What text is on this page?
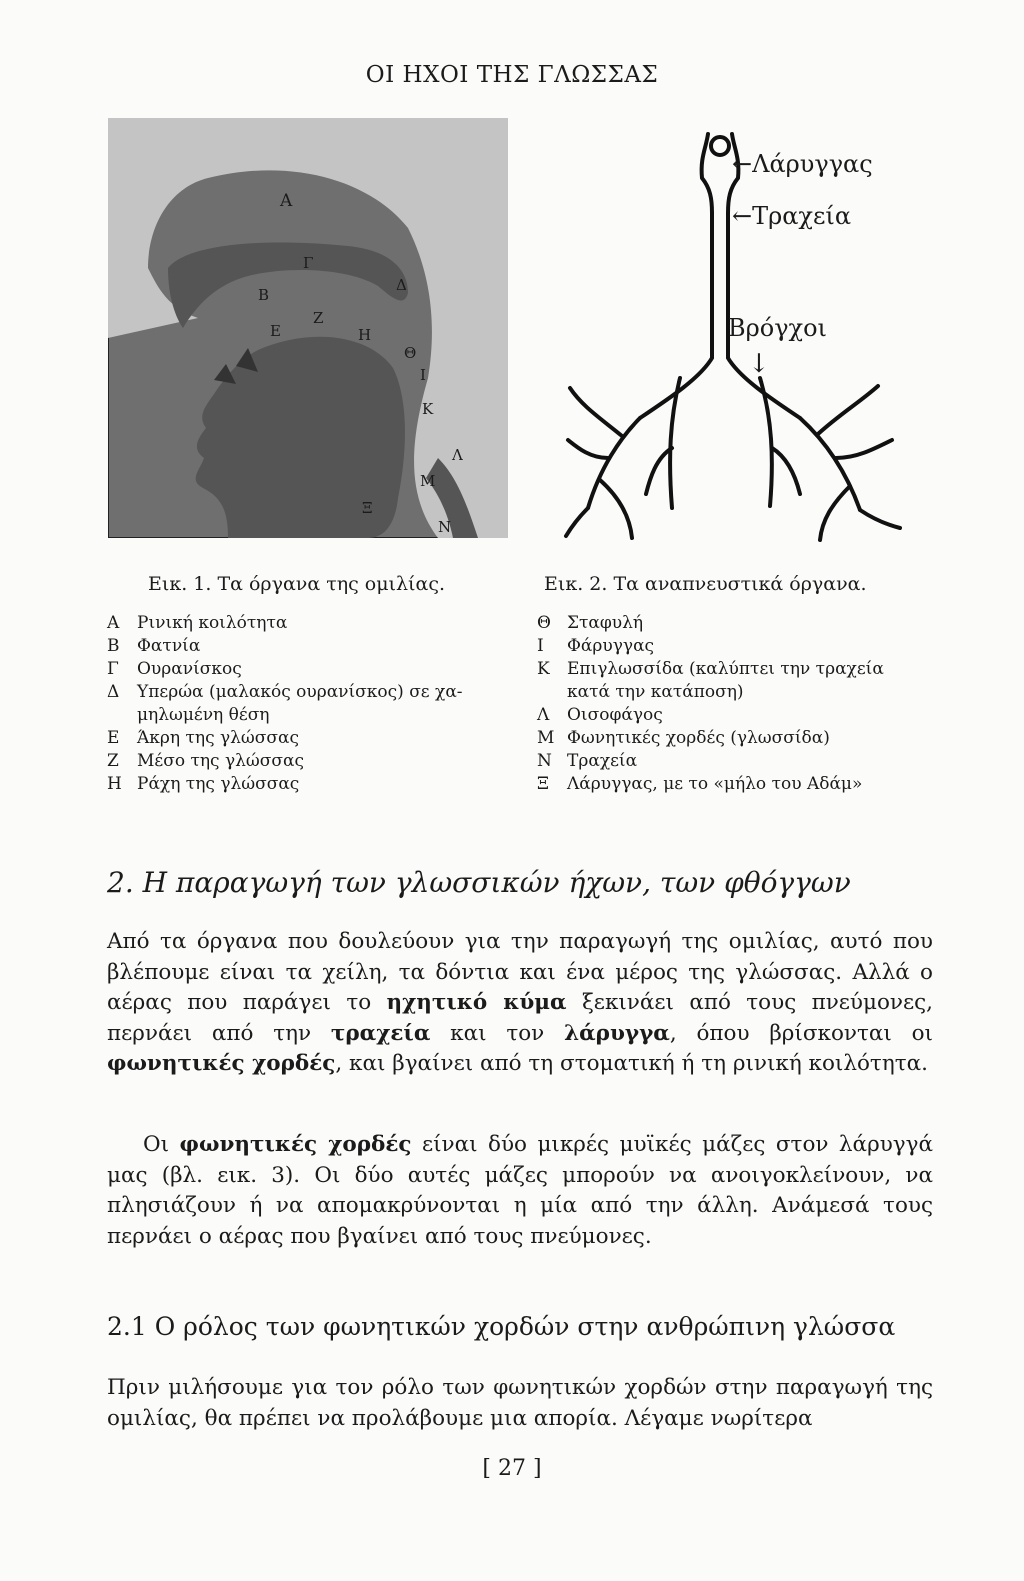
ΟΙ ΗΧΟΙ ΤΗΣ ΓΛΩΣΣΑΣ
Α
Β
Γ
Δ
Ε
Ζ
Η
Θ
Ι
Κ
Λ
Μ
Ν
Ξ
←Λάρυγγας
←Τραχεία
Βρόγχοι
↓
Εικ. 1. Τα όργανα της ομιλίας.	Εικ. 2. Τα αναπνευστικά όργανα.
Α	Ρινική κοιλότητα
Β	Φατνία
Γ	Ουρανίσκος
Δ	Υπερώα (μαλακός ουρανίσκος) σε χα-
μηλωμένη θέση
Ε	Άκρη της γλώσσας
Ζ	Μέσο της γλώσσας
Η Ράχη της γλώσσας
Θ Σταφυλή
Ι	Φάρυγγας
Κ	Επιγλωσσίδα (καλύπτει την τραχεία
κατά την κατάποση)
Λ	Οισοφάγος
Μ Φωνητικές χορδές (γλωσσίδα)
Ν Τραχεία
Ξ	Λάρυγγας, με το «μήλο του Αδάμ»
2. Η παραγωγή των γλωσσικών ήχων, των φθόγγων
Από τα όργανα που δουλεύουν για την παραγωγή της ομιλίας, αυτό που βλέπουμε είναι τα χείλη, τα δόντια και ένα μέρος της γλώσσας. Αλλά ο αέρας που παράγει το ηχητικό κύμα ξεκινάει από τους πνεύμονες, περνάει από την τραχεία και τον λάρυγγα, όπου βρίσκονται οι φωνητικές χορδές, και βγαίνει από τη στοματική ή τη ρινική κοιλότητα.
Οι φωνητικές χορδές είναι δύο μικρές μυϊκές μάζες στον λάρυγγά μας (βλ. εικ. 3). Οι δύο αυτές μάζες μπορούν να ανοιγοκλείνουν, να πλησιάζουν ή να απομακρύνονται η μία από την άλλη. Ανάμεσά τους περνάει ο αέρας που βγαίνει από τους πνεύμονες.
2.1 Ο ρόλος των φωνητικών χορδών στην ανθρώπινη γλώσσα
Πριν μιλήσουμε για τον ρόλο των φωνητικών χορδών στην παραγωγή της ομιλίας, θα πρέπει να προλάβουμε μια απορία. Λέγαμε νωρίτερα
[ 27 ]
